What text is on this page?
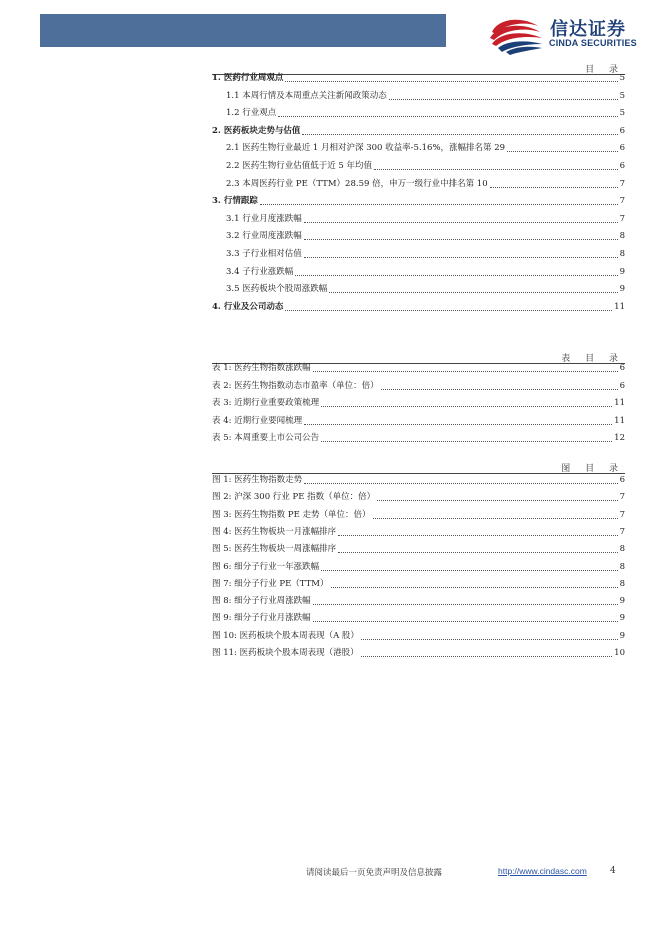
信达证券
CINDA SECURITIES
目 录
1. 医药行业周观点	5
1.1 本周行情及本周重点关注新闻政策动态	5
1.2 行业观点	5
2. 医药板块走势与估值	6
2.1 医药生物行业最近 1 月相对沪深 300 收益率-5.16%，涨幅排名第 29	6
2.2 医药生物行业估值低于近 5 年均值	6
2.3 本周医药行业 PE（TTM）28.59 倍，申万一级行业中排名第 10	7
3. 行情跟踪	7
3.1 行业月度涨跌幅	7
3.2 行业周度涨跌幅	8
3.3 子行业相对估值	8
3.4 子行业涨跌幅	9
3.5 医药板块个股周涨跌幅	9
4. 行业及公司动态	11
表 目 录
表 1: 医药生物指数涨跌幅	6
表 2: 医药生物指数动态市盈率（单位：倍）	6
表 3: 近期行业重要政策梳理	11
表 4: 近期行业要闻梳理	11
表 5: 本周重要上市公司公告	12
图 目 录
图 1: 医药生物指数走势	6
图 2: 沪深 300 行业 PE 指数（单位：倍）	7
图 3: 医药生物指数 PE 走势（单位：倍）	7
图 4: 医药生物板块一月涨幅排序	7
图 5: 医药生物板块一周涨幅排序	8
图 6: 细分子行业一年涨跌幅	8
图 7: 细分子行业 PE（TTM）	8
图 8: 细分子行业周涨跌幅	9
图 9: 细分子行业月涨跌幅	9
图 10: 医药板块个股本周表现（A 股）	9
图 11: 医药板块个股本周表现（港股）	10
请阅读最后一页免责声明及信息披露	http://www.cindasc.com	4
